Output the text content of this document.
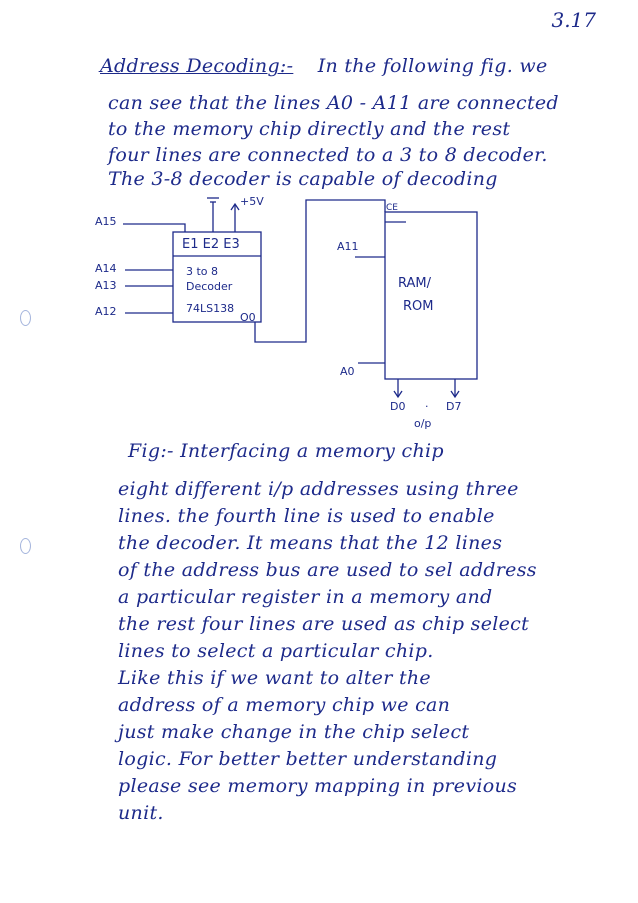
3.17
Address Decoding:- In the following fig. we
can see that the lines A0 - A11 are connected
to the memory chip directly and the rest
four lines are connected to a 3 to 8 decoder.
The 3-8 decoder is capable of decoding
A15
A14
A13
A12
+5V
E1 E2 E3
3 to 8
Decoder
74LS138
O0
CE
A11
A0
RAM/
ROM
D0 · D7
o/p
Fig:- Interfacing a memory chip
eight different i/p addresses using three
lines. the fourth line is used to enable
the decoder. It means that the 12 lines
of the address bus are used to sel address
a particular register in a memory and
the rest four lines are used as chip select
lines to select a particular chip.
Like this if we want to alter the
address of a memory chip we can
just make change in the chip select
logic. For better better understanding
please see memory mapping in previous
unit.
